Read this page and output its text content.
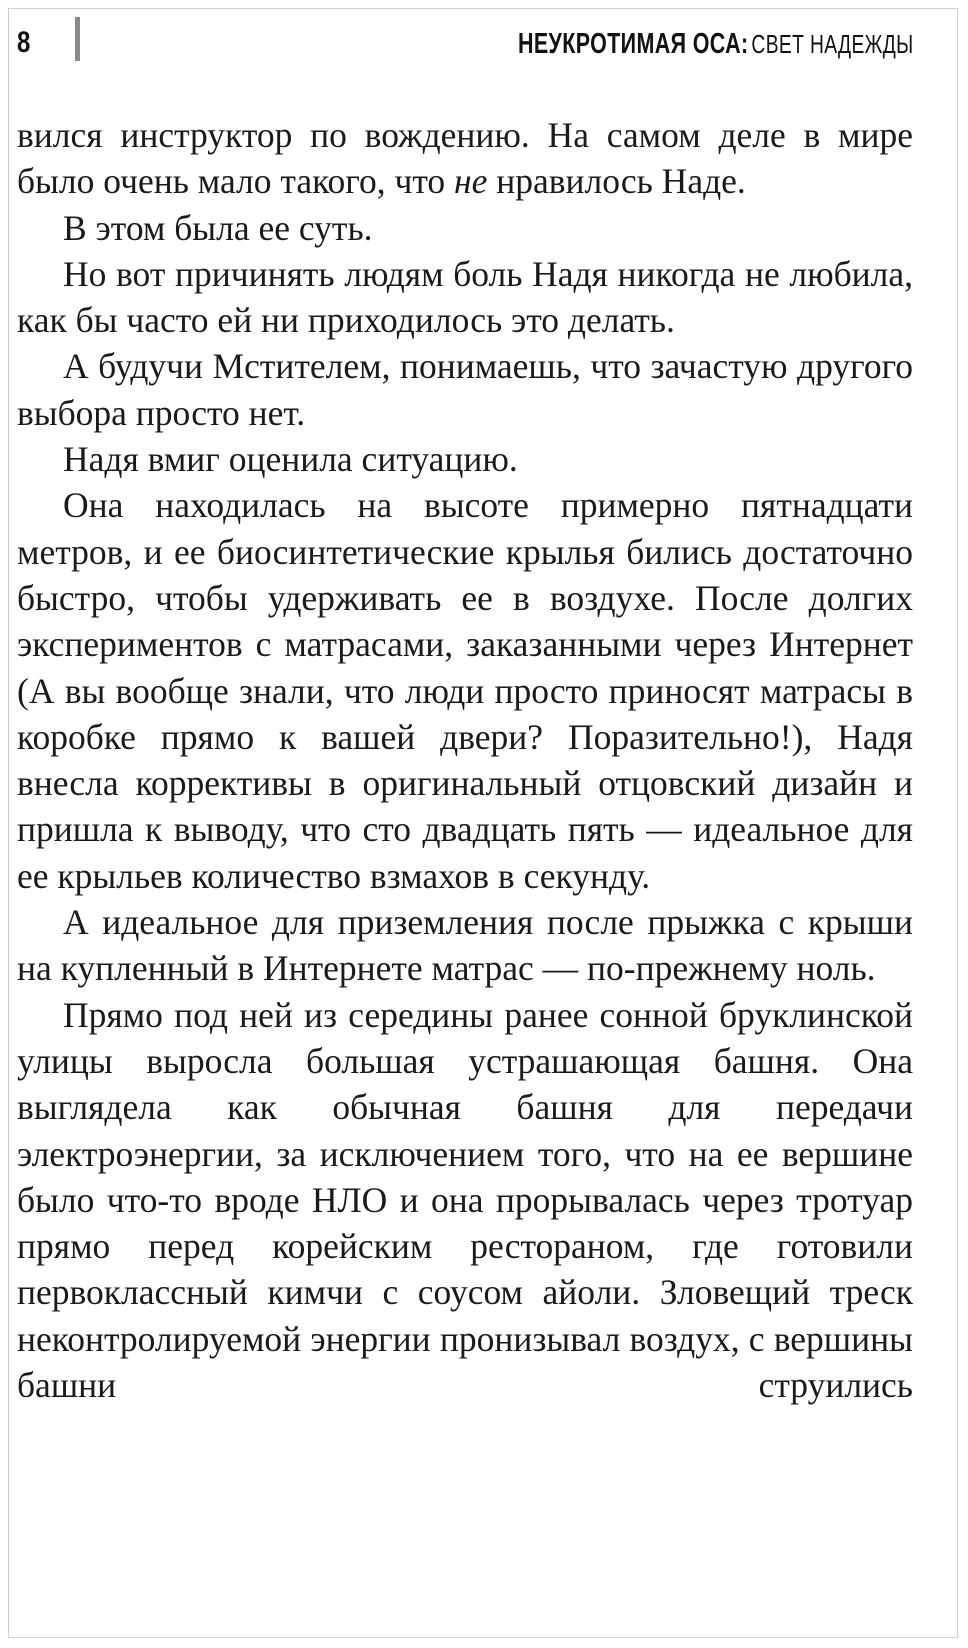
8	НЕУКРОТИМАЯ ОСА: СВЕТ НАДЕЖДЫ

вился инструктор по вождению. На самом деле в мире было очень мало такого, что не нравилось Наде.

В этом была ее суть.

Но вот причинять людям боль Надя никогда не любила, как бы часто ей ни приходилось это делать.

А будучи Мстителем, понимаешь, что зачастую другого выбора просто нет.

Надя вмиг оценила ситуацию.

Она находилась на высоте примерно пятнадцати метров, и ее биосинтетические крылья бились достаточно быстро, чтобы удерживать ее в воздухе. После долгих экспериментов с матрасами, заказанными через Интернет (А вы вообще знали, что люди просто приносят матрасы в коробке прямо к вашей двери? Поразительно!), Надя внесла коррективы в оригинальный отцовский дизайн и пришла к выводу, что сто двадцать пять — идеальное для ее крыльев количество взмахов в секунду.

А идеальное для приземления после прыжка с крыши на купленный в Интернете матрас — по-прежнему ноль.

Прямо под ней из середины ранее сонной бруклинской улицы выросла большая устрашающая башня. Она выглядела как обычная башня для передачи электроэнергии, за исключением того, что на ее вершине было что-то вроде НЛО и она прорывалась через тротуар прямо перед корейским рестораном, где готовили первоклассный кимчи с соусом айоли. Зловещий треск неконтролируемой энергии пронизывал воздух, с вершины башни струились
